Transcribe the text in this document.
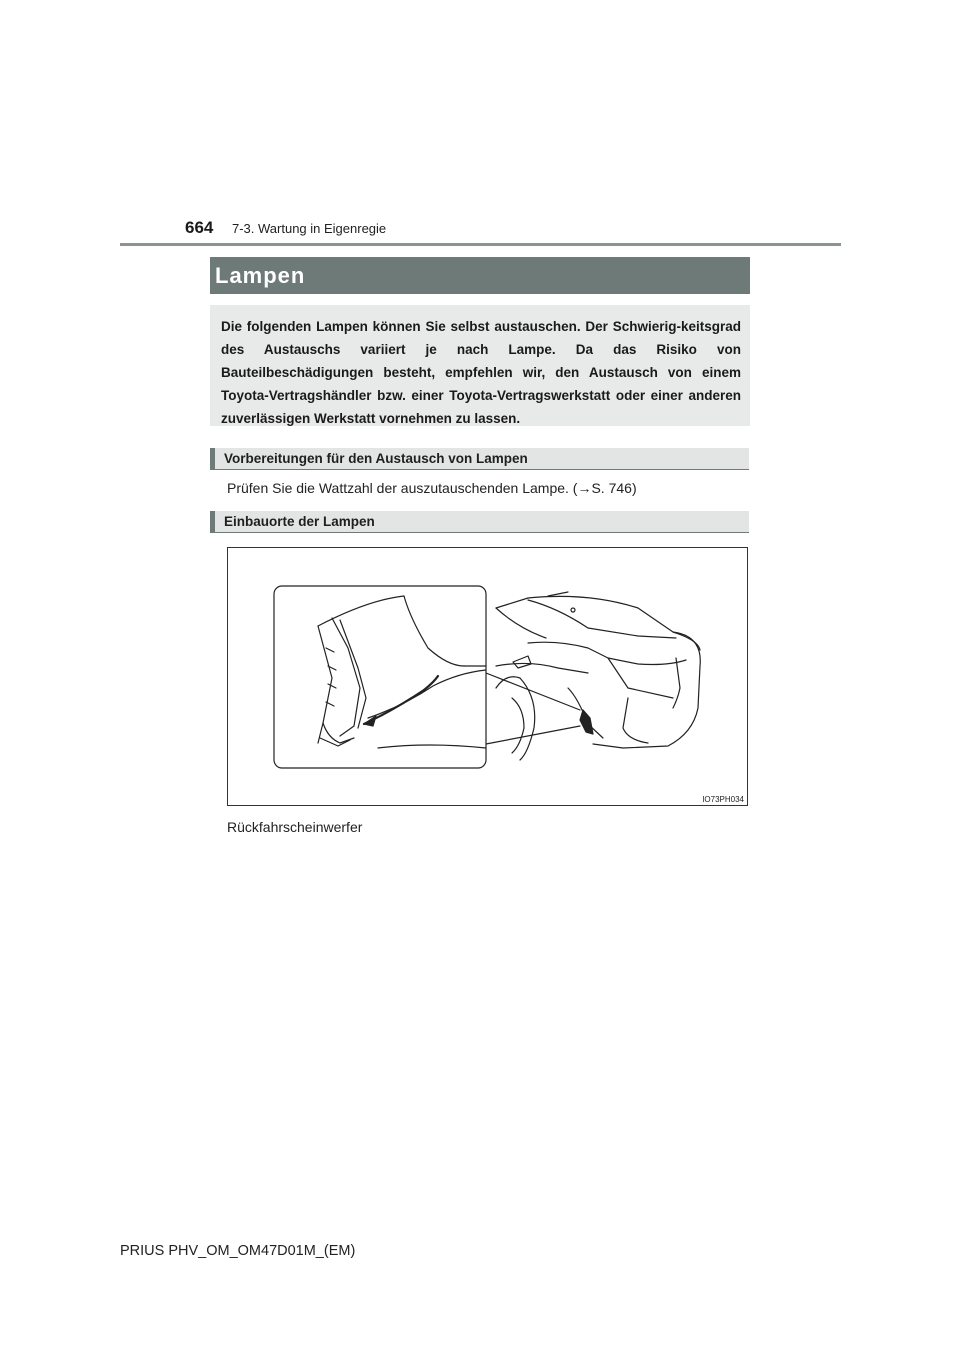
664 7-3. Wartung in Eigenregie
Lampen

Die folgenden Lampen können Sie selbst austauschen. Der Schwierig-keitsgrad des Austauschs variiert je nach Lampe. Da das Risiko von Bauteilbeschädigungen besteht, empfehlen wir, den Austausch von einem Toyota-Vertragshändler bzw. einer Toyota-Vertragswerkstatt oder einer anderen zuverlässigen Werkstatt vornehmen zu lassen.

Vorbereitungen für den Austausch von Lampen
Prüfen Sie die Wattzahl der auszutauschenden Lampe. (→S. 746)
Einbauorte der Lampen
IO73PH034
Rückfahrscheinwerfer
PRIUS PHV_OM_OM47D01M_(EM)
